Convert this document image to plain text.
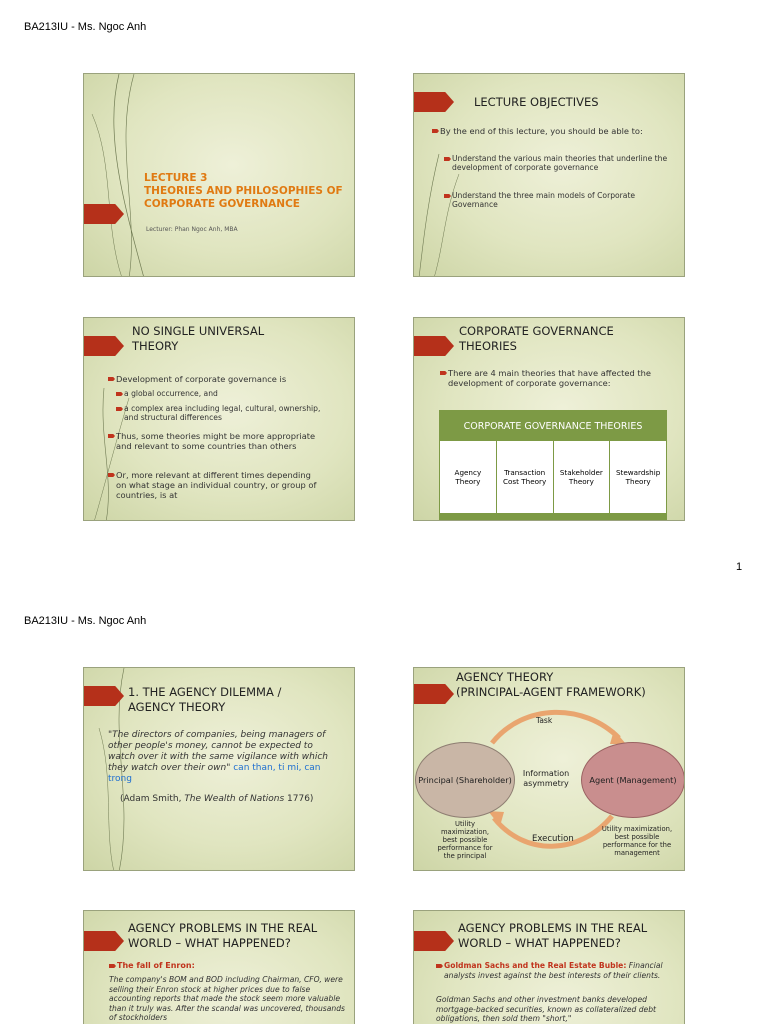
BA213IU - Ms. Ngoc Anh
LECTURE 3
THEORIES AND PHILOSOPHIES OF
CORPORATE GOVERNANCE
Lecturer: Phan Ngoc Anh, MBA
LECTURE OBJECTIVES
By the end of this lecture, you should be able to:
Understand the various main theories that underline the development of corporate governance
Understand the three main models of Corporate Governance
NO SINGLE UNIVERSAL
THEORY
Development of corporate governance is
a global occurrence, and
a complex area including legal, cultural, ownership, and structural differences
Thus, some theories might be more appropriate and relevant to some countries than others
Or, more relevant at different times depending on what stage an individual country, or group of countries, is at
CORPORATE GOVERNANCE
THEORIES
There are 4 main theories that have affected the development of corporate governance:
CORPORATE GOVERNANCE THEORIES
Agency Theory
Transaction Cost Theory
Stakeholder Theory
Stewardship Theory
1
BA213IU - Ms. Ngoc Anh
1. THE AGENCY DILEMMA /
AGENCY THEORY
"The directors of companies, being managers of other people's money, cannot be expected to watch over it with the same vigilance with which they watch over their own" can than, ti mi, can trong
(Adam Smith, The Wealth of Nations 1776)
AGENCY THEORY
(PRINCIPAL-AGENT FRAMEWORK)
Task
Execution
Principal (Shareholder)	Agent (Management)
Information asymmetry
Utility maximization, best possible performance for the principal
Utility maximization, best possible performance for the management
AGENCY PROBLEMS IN THE REAL
WORLD – WHAT HAPPENED?
The fall of Enron:
The company's BOM and BOD including Chairman, CFO, were selling their Enron stock at higher prices due to false accounting reports that made the stock seem more valuable than it truly was. After the scandal was uncovered, thousands of stockholders
AGENCY PROBLEMS IN THE REAL
WORLD – WHAT HAPPENED?
Goldman Sachs and the Real Estate Buble: Financial analysts invest against the best interests of their clients.
Goldman Sachs and other investment banks developed mortgage-backed securities, known as collateralized debt obligations, then sold them "short,"
